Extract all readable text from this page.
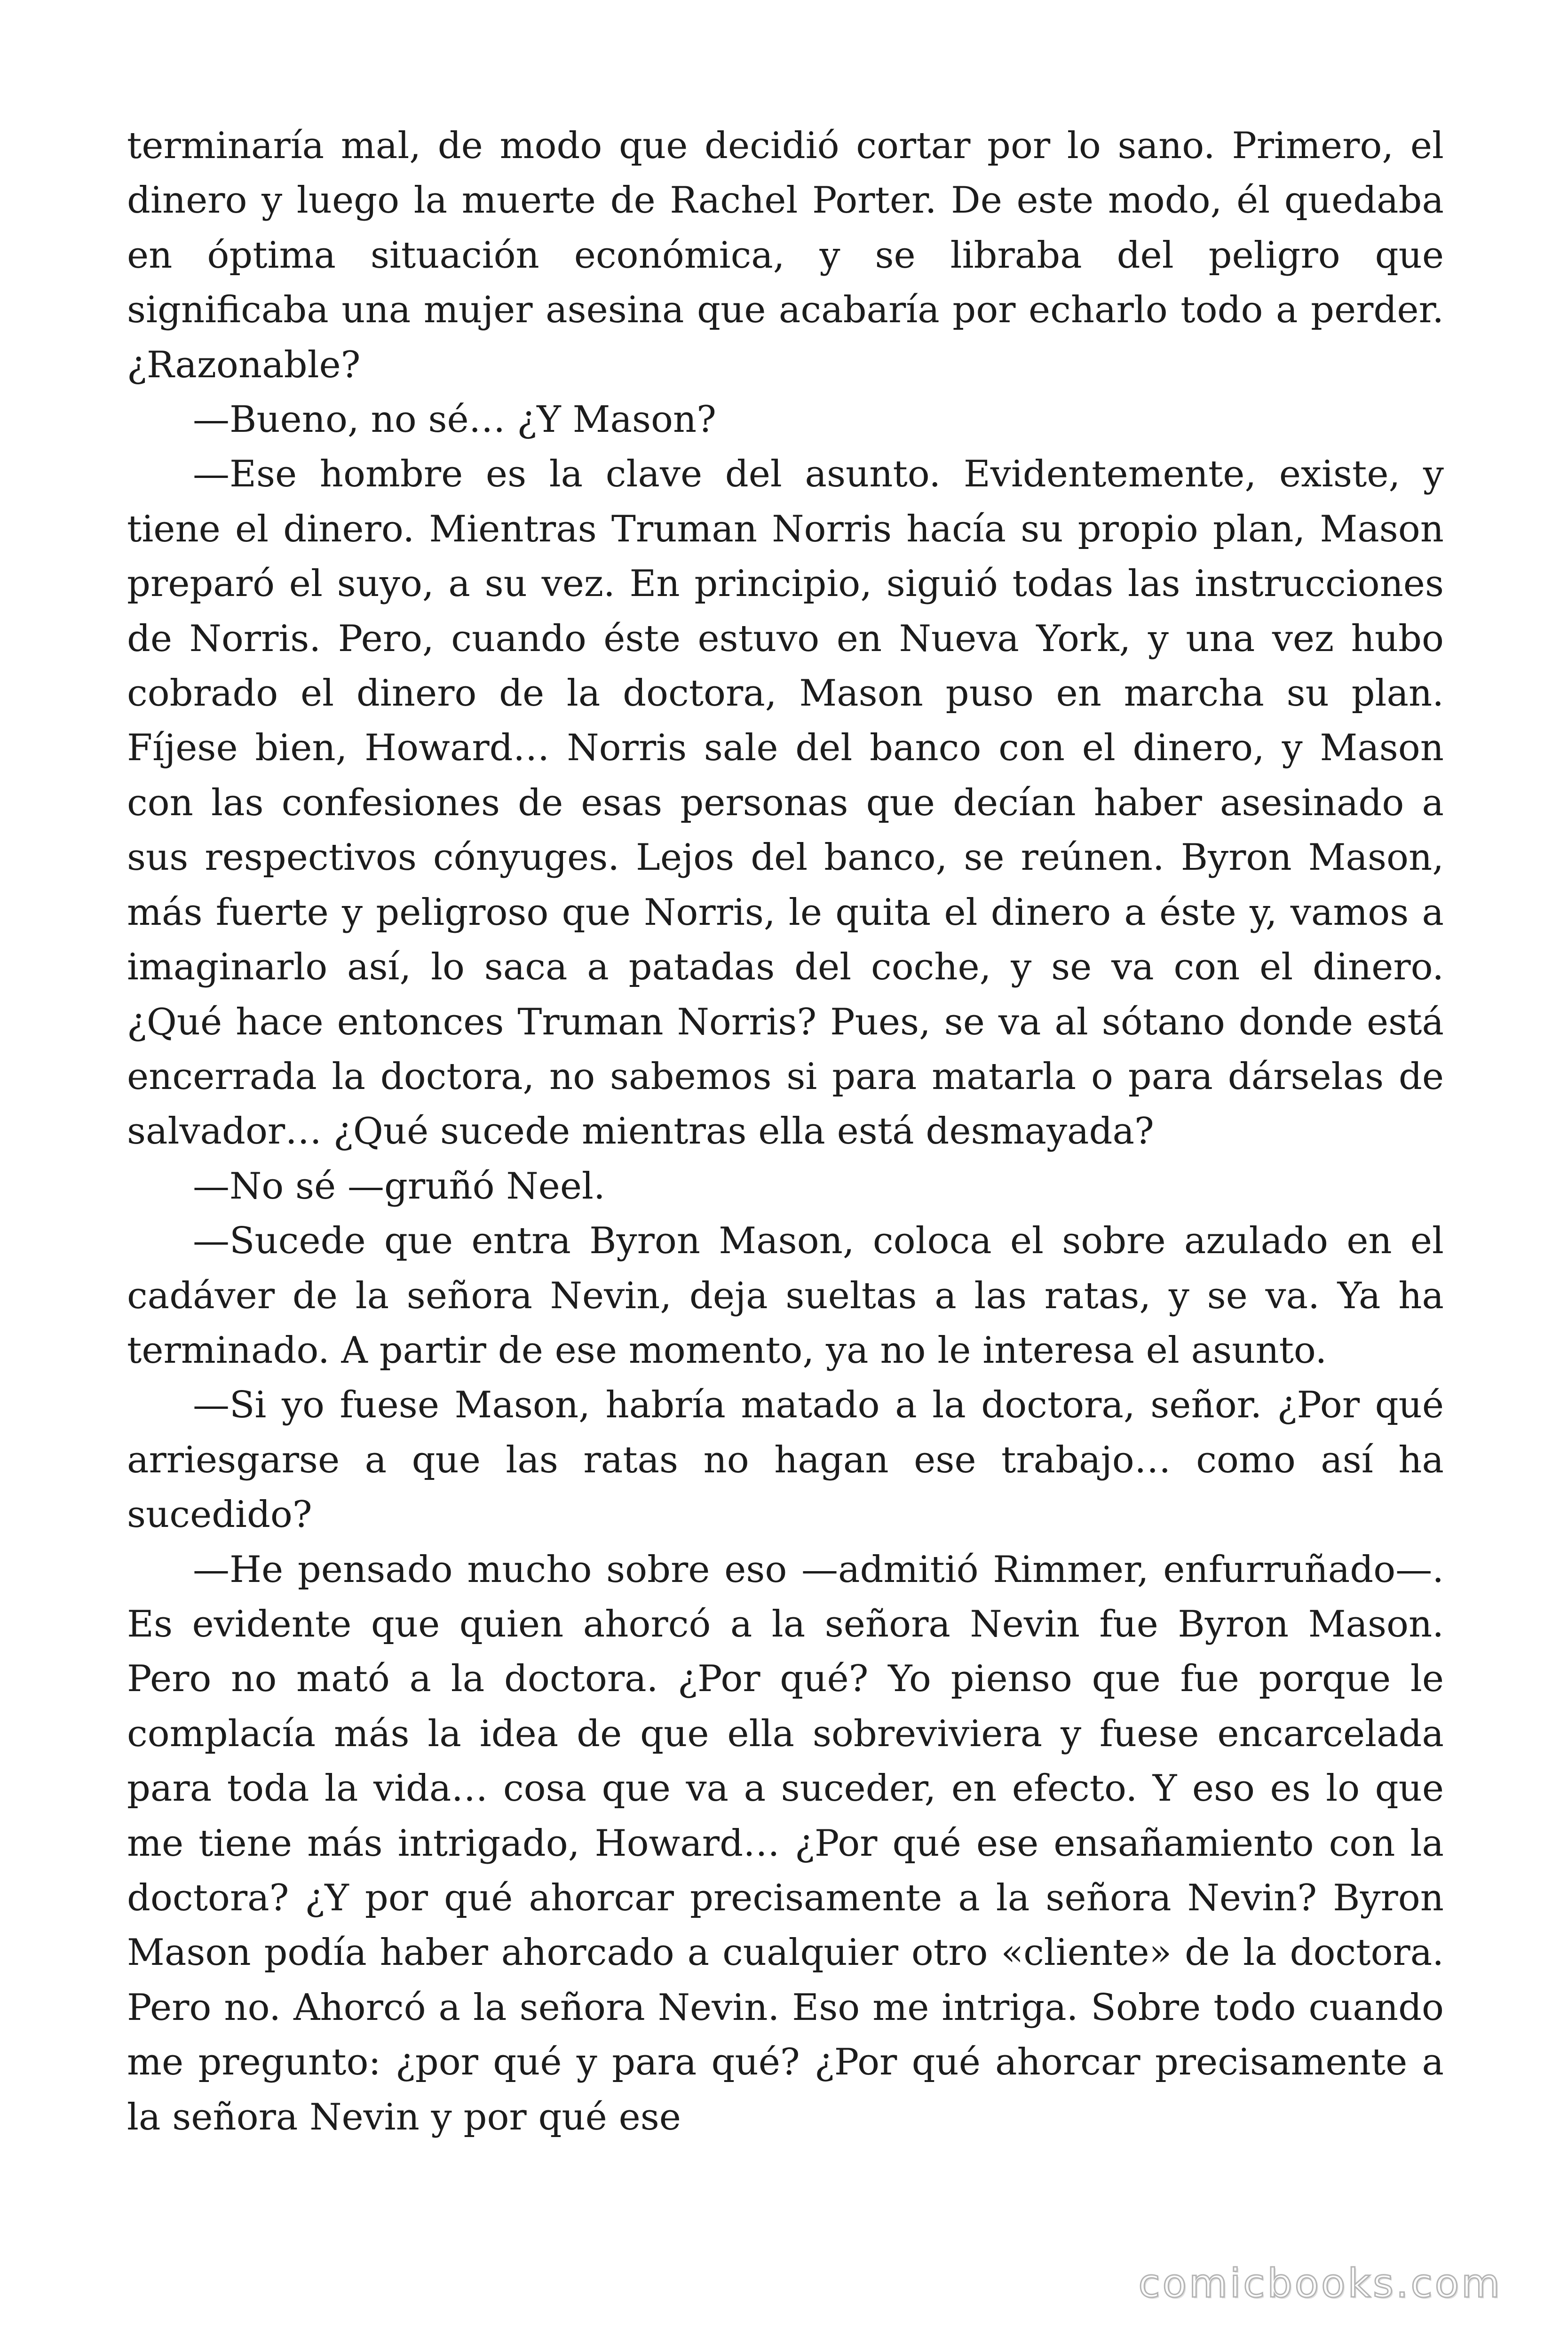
terminaría mal, de modo que decidió cortar por lo sano. Primero, el dinero y luego la muerte de Rachel Porter. De este modo, él quedaba en óptima situación económica, y se libraba del peligro que significaba una mujer asesina que acabaría por echarlo todo a perder. ¿Razonable?

—Bueno, no sé… ¿Y Mason?

—Ese hombre es la clave del asunto. Evidentemente, existe, y tiene el dinero. Mientras Truman Norris hacía su propio plan, Mason preparó el suyo, a su vez. En principio, siguió todas las instrucciones de Norris. Pero, cuando éste estuvo en Nueva York, y una vez hubo cobrado el dinero de la doctora, Mason puso en marcha su plan. Fíjese bien, Howard… Norris sale del banco con el dinero, y Mason con las confesiones de esas personas que decían haber asesinado a sus respectivos cónyuges. Lejos del banco, se reúnen. Byron Mason, más fuerte y peligroso que Norris, le quita el dinero a éste y, vamos a imaginarlo así, lo saca a patadas del coche, y se va con el dinero. ¿Qué hace entonces Truman Norris? Pues, se va al sótano donde está encerrada la doctora, no sabemos si para matarla o para dárselas de salvador… ¿Qué sucede mientras ella está desmayada?

—No sé —gruñó Neel.

—Sucede que entra Byron Mason, coloca el sobre azulado en el cadáver de la señora Nevin, deja sueltas a las ratas, y se va. Ya ha terminado. A partir de ese momento, ya no le interesa el asunto.

—Si yo fuese Mason, habría matado a la doctora, señor. ¿Por qué arriesgarse a que las ratas no hagan ese trabajo… como así ha sucedido?

—He pensado mucho sobre eso —admitió Rimmer, enfurruñado—. Es evidente que quien ahorcó a la señora Nevin fue Byron Mason. Pero no mató a la doctora. ¿Por qué? Yo pienso que fue porque le complacía más la idea de que ella sobreviviera y fuese encarcelada para toda la vida… cosa que va a suceder, en efecto. Y eso es lo que me tiene más intrigado, Howard… ¿Por qué ese ensañamiento con la doctora? ¿Y por qué ahorcar precisamente a la señora Nevin? Byron Mason podía haber ahorcado a cualquier otro «cliente» de la doctora. Pero no. Ahorcó a la señora Nevin. Eso me intriga. Sobre todo cuando me pregunto: ¿por qué y para qué? ¿Por qué ahorcar precisamente a la señora Nevin y por qué ese

comicbooks.com
